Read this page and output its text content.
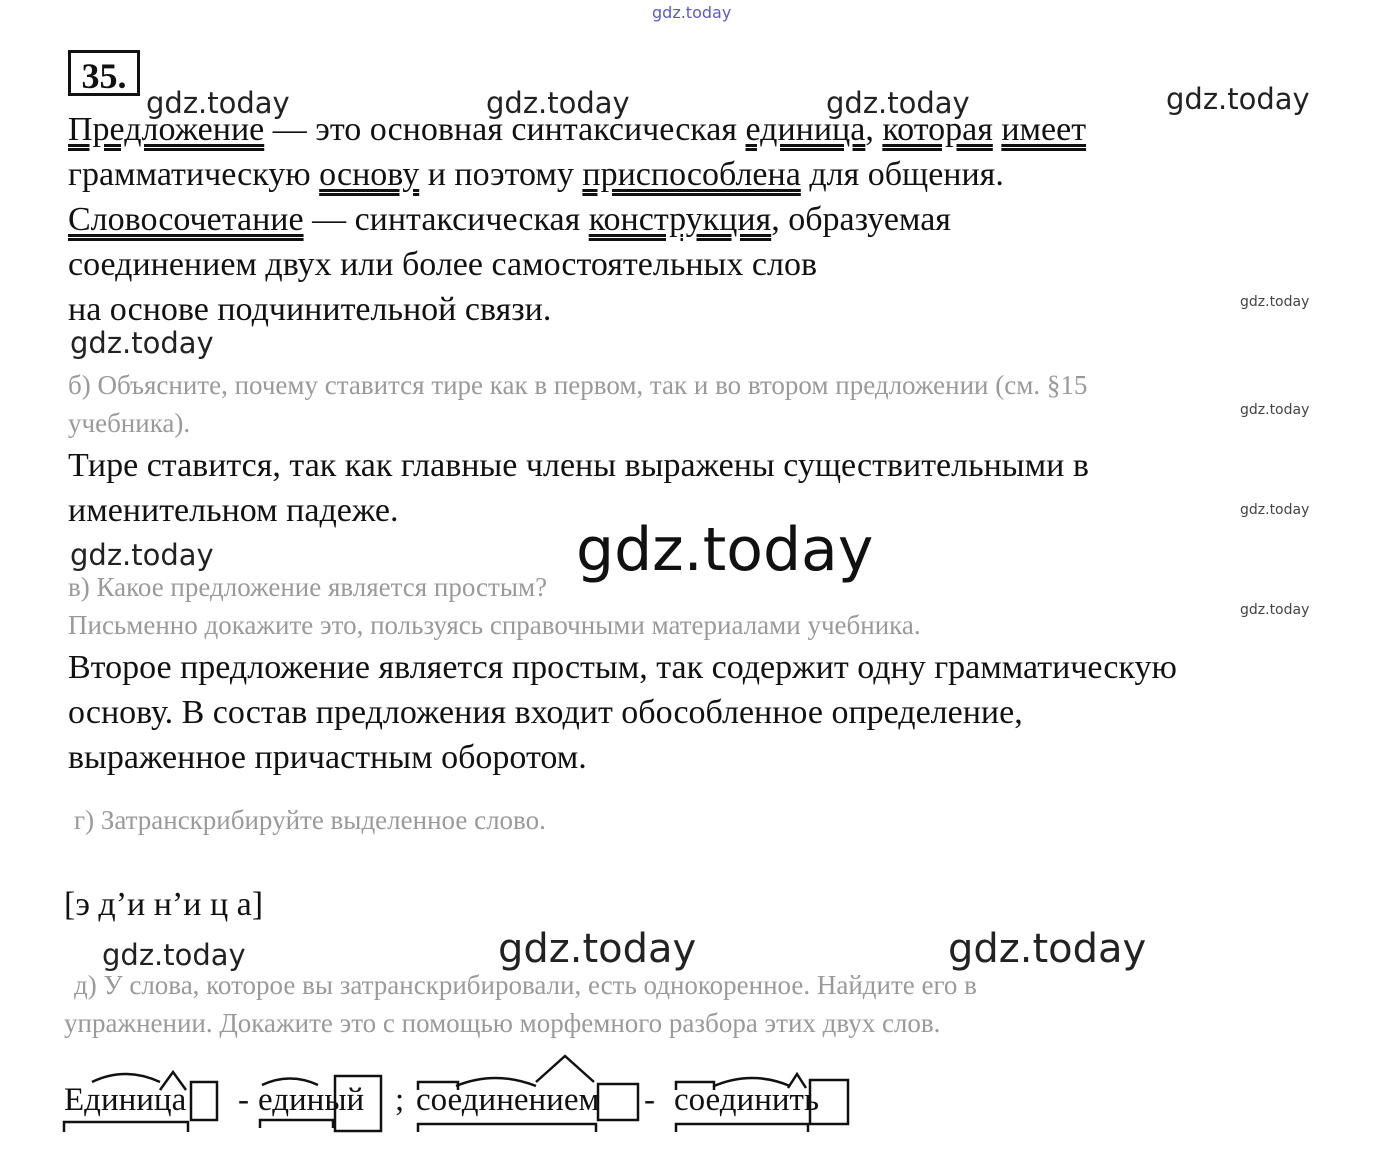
gdz.today
gdz.today	gdz.today	gdz.today	gdz.today
gdz.today
gdz.today
gdz.today	gdz.today	gdz.today
gdz.today
gdz.today
gdz.today
gdz.today
gdz.today
35.
Предложение — это основная синтаксическая единица, которая имеет
грамматическую основу и поэтому приспособлена для общения.
Словосочетание — синтаксическая конструкция, образуемая
соединением двух или более самостоятельных слов
на основе подчинительной связи.
б) Объясните, почему ставится тире как в первом, так и во втором предложении (см. §15
учебника).
Тире ставится, так как главные члены выражены существительными в
именительном падеже.
в) Какое предложение является простым?
Письменно докажите это, пользуясь справочными материалами учебника.
Второе предложение является простым, так содержит одну грамматическую
основу. В состав предложения входит обособленное определение,
выраженное причастным оборотом.
г) Затранскрибируйте выделенное слово.
[э д’и н’и ц а]
д) У слова, которое вы затранскрибировали, есть однокоренное. Найдите его в
упражнении. Докажите это с помощью морфемного разбора этих двух слов.
Единица - единый ; соединением - соединить
